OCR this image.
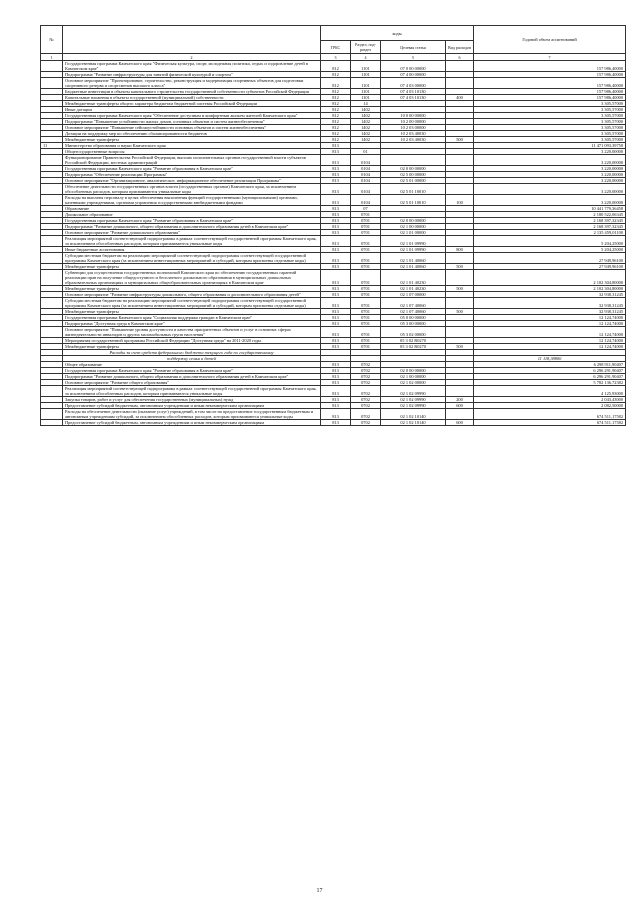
№		коды				Годовой объем ассигнований
		ГРБС	Раздел, под-раздел	Целевая статья	Вид расходов	
1	2	3	4	5	6	7
	Государственная программа Камчатского края "Физическая культура, спорт, молодежная политика, отдых и оздоровление детей в Камчатском крае"	812	1101	07 0 00 00000		157 986,40000
	Подпрограмма "Развитие инфраструктуры для занятий физической культурой и спортом"	812	1101	07 4 00 00000		157 986,40000
	Основное мероприятие "Проектирование, строительство, реконструкция и модернизация спортивных объектов для подготовки спортивного резерва и спортсменов высокого класса"	812	1101	07 4 03 00000		157 986,40000
	Бюджетные инвестиции в объекты капитального строительства государственной собственности субъектов Российской Федерации	812	1101	07 4 03 10130		157 986,40000
	Капитальные вложения в объекты государственной (муниципальной) собственности	812	1101	07 4 03 10130	400	157 986,40000
	Межбюджетные трансферты общего характера бюджетам бюджетной системы Российской Федерации	812	14			3 305,57000
	Иные дотации	812	1402			3 305,57000
	Государственная программа Камчатского края "Обеспечение доступным и комфортным жильем жителей Камчатского края"	812	1402	10 0 00 00000		3 305,57000
	Подпрограмма "Повышение устойчивости жилых домов, основных объектов и систем жизнеобеспечения"	812	1402	10 2 00 00000		3 305,57000
	Основное мероприятие "Повышение сейсмоустойчивости основных объектов и систем жизнеобеспечения"	812	1402	10 2 03 00000		3 305,57000
	Дотации на поддержку мер по обеспечению сбалансированности бюджетов	812	1402	10 2 03 40030		3 305,57000
	Межбюджетные трансферты	812	1402	10 2 03 40030	500	3 305,57000
11	Министерство образования и науки Камчатского края	813				11 471 093,39758
	Общегосударственные вопросы	813	01			3 220,00000
	Функционирование Правительства Российской Федерации, высших исполнительных органов государственной власти субъектов Российской Федерации, местных администраций	813	0104			3 220,00000
	Государственная программа Камчатского края "Развитие образования в Камчатском крае"	813	0104	02 0 00 00000		3 220,00000
	Подпрограмма "Обеспечение реализации Программы"	813	0104	02 5 00 00000		3 220,00000
	Основное мероприятие "Организационное, аналитическое, информационное обеспечение реализации Программы"	813	0104	02 5 01 00000		3 220,00000
	Обеспечение деятельности государственных органов власти (государственных органов) Камчатского края, за исключением обособленных расходов, которым присваиваются уникальные коды	813	0104	02 5 01 10010		3 220,00000
	Расходы на выплаты персоналу в целях обеспечения выполнения функций государственными (муниципальными) органами, казенными учреждениями, органами управления государственными внебюджетными фондами	813	0104	02 5 01 10010	100	3 220,00000
	Образование	813	07			10 441 779,36458
	Дошкольное образование	813	0701			2 180 522,06345
	Государственная программа Камчатского края "Развитие образования в Камчатском крае"	813	0701	02 0 00 00000		2 168 397,32345
	Подпрограмма "Развитие дошкольного, общего образования и дополнительного образования детей в Камчатском крае"	813	0701	02 1 00 00000		2 168 397,32345
	Основное мероприятие "Развитие дошкольного образования"	813	0701	02 1 01 00000		2 135 459,01100
	Реализация мероприятий соответствующей подпрограммы в рамках соответствующей государственной программы Камчатского края, за исключением обособленных расходов, которым присваиваются уникальные коды	813	0701	02 1 01 09990		5 204,25000
	Иные бюджетные ассигнования	813	0701	02 1 01 09990	800	5 204,25000
	Субсидии местным бюджетам на реализацию мероприятий соответствующей подпрограммы соответствующей государственной программы Камчатского края (за исключением инвестиционных мероприятий и субсидий, которым присвоены отдельные коды)	813	0701	02 1 01 40060		27 949,96100
	Межбюджетные трансферты	813	0701	02 1 01 40060	500	27 949,96100
	Субвенции для осуществления государственных полномочий Камчатского края по обеспечению государственных гарантий реализации прав на получение общедоступного и бесплатного дошкольного образования в муниципальных дошкольных образовательных организациях и муниципальных общеобразовательных организациях в Камчатском крае	813	0701	02 1 01 40230		2 102 304,80000
	Межбюджетные трансферты	813	0701	02 1 01 40230	500	2 102 304,80000
	Основное мероприятие "Развитие инфраструктуры дошкольного, общего образования и дополнительного образования детей"	813	0701	02 1 07 00000		32 938,31245
	Субсидии местным бюджетам на реализацию мероприятий соответствующей подпрограммы соответствующей государственной программы Камчатского края (за исключением инвестиционных мероприятий и субсидий, которым присвоены отдельные коды)	813	0701	02 1 07 40060		32 938,31245
	Межбюджетные трансферты	813	0701	02 1 07 40060	500	32 938,31245
	Государственная программа Камчатского края "Социальная поддержка граждан в Камчатском крае"	813	0701	05 0 00 00000		12 124,74000
	Подпрограмма "Доступная среда в Камчатском крае"	813	0701	05 3 00 00000		12 124,74000
	Основное мероприятие "Повышение уровня доступности и качества приоритетных объектов и услуг в основных сферах жизнедеятельности инвалидов и других маломобильных групп населения"	813	0701	05 3 02 00000		12 124,74000
	Мероприятия государственной программы Российской Федерации "Доступная среда" на 2011-2020 годы	813	0701	05 3 02 R0270		12 124,74000
	Межбюджетные трансферты	813	0701	05 3 02 R0270	500	12 124,74000
	Расходы за счет средств федерального бюджета текущего года по государственному					
	поддержку семьи и детей					11 118,38800
	Общее образование	813	0702			6 298 911,90407
	Государственная программа Камчатского края "Развитие образования в Камчатском крае"	813	0702	02 0 00 00000		6 296 291,90407
	Подпрограмма "Развитие дошкольного, общего образования и дополнительного образования детей в Камчатском крае"	813	0702	02 1 00 00000		6 296 291,90407
	Основное мероприятие "Развитие общего образования"	813	0702	02 1 02 00000		5 782 136,72382
	Реализация мероприятий соответствующей подпрограммы в рамках соответствующей государственной программы Камчатского края, за исключением обособленных расходов, которым присваиваются уникальные коды	813	0702	02 1 02 09990		4 125,93000
	Закупка товаров, работ и услуг для обеспечения государственных (муниципальных) нужд	813	0702	02 1 02 09990	200	2 043,43000
	Предоставление субсидий бюджетным, автономным учреждениям и иным некоммерческим организациям	813	0702	02 1 02 09990	600	2 082,50000
	Расходы на обеспечение деятельности (оказание услуг) учреждений, в том числе на предоставление государственным бюджетным и автономным учреждениям субсидий, за исключением обособленных расходов, которым присваиваются уникальные коды	813	0702	02 1 02 10140		674 511,17582
	Предоставление субсидий бюджетным, автономным учреждениям и иным некоммерческим организациям	813	0702	02 1 02 10140	600	674 511,17582
17
